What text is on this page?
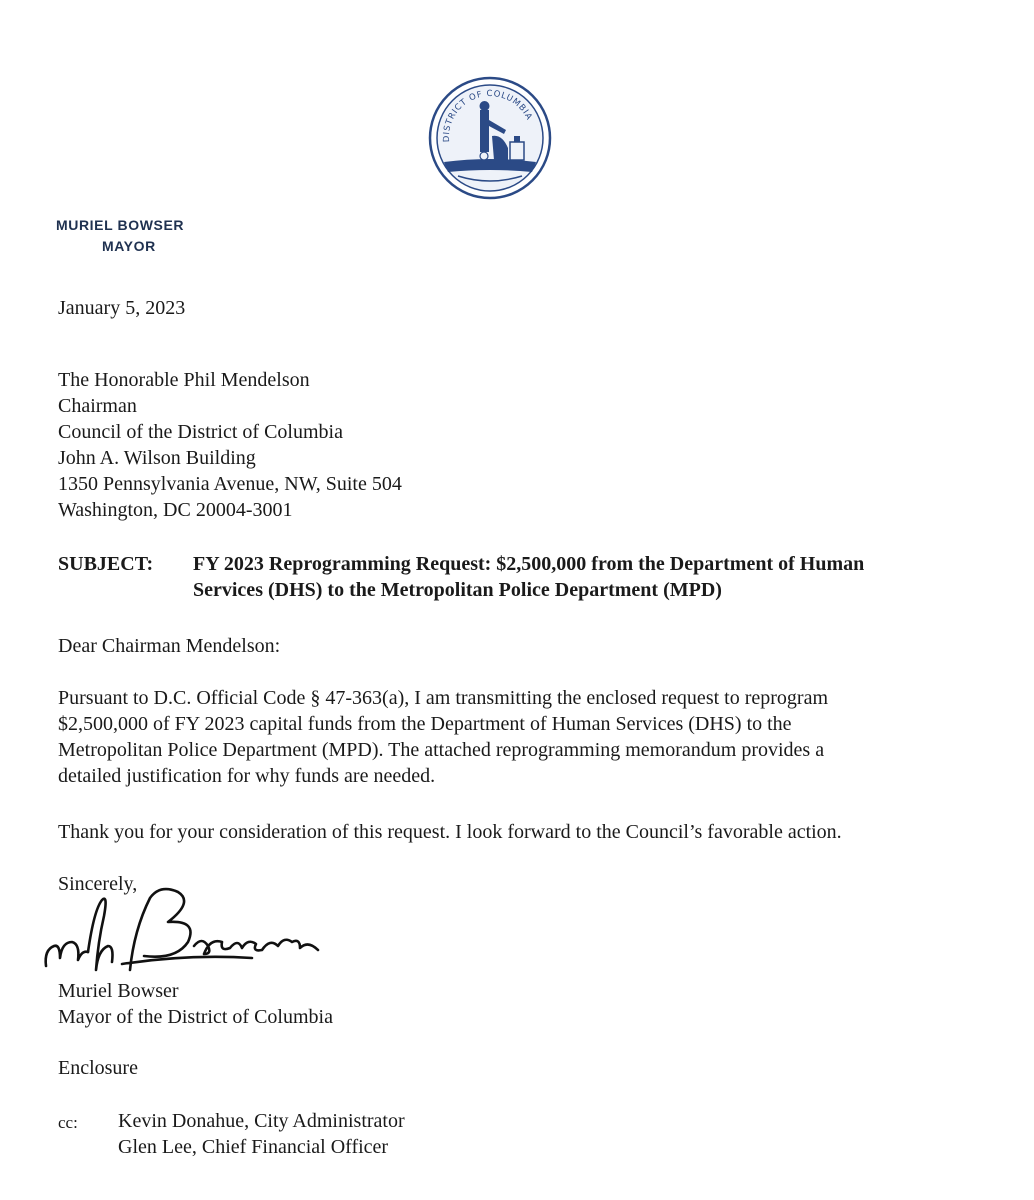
DISTRICT OF COLUMBIA
MURIEL BOWSER
MAYOR
January 5, 2023
The Honorable Phil Mendelson
Chairman
Council of the District of Columbia
John A. Wilson Building
1350 Pennsylvania Avenue, NW, Suite 504
Washington, DC 20004-3001
SUBJECT: FY 2023 Reprogramming Request: $2,500,000 from the Department of Human
Services (DHS) to the Metropolitan Police Department (MPD)
Dear Chairman Mendelson:
Pursuant to D.C. Official Code § 47-363(a), I am transmitting the enclosed request to reprogram
$2,500,000 of FY 2023 capital funds from the Department of Human Services (DHS) to the
Metropolitan Police Department (MPD). The attached reprogramming memorandum provides a
detailed justification for why funds are needed.
Thank you for your consideration of this request. I look forward to the Council’s favorable action.
Sincerely,
Muriel Bowser
Mayor of the District of Columbia
Enclosure
cc: Kevin Donahue, City Administrator
Glen Lee, Chief Financial Officer
